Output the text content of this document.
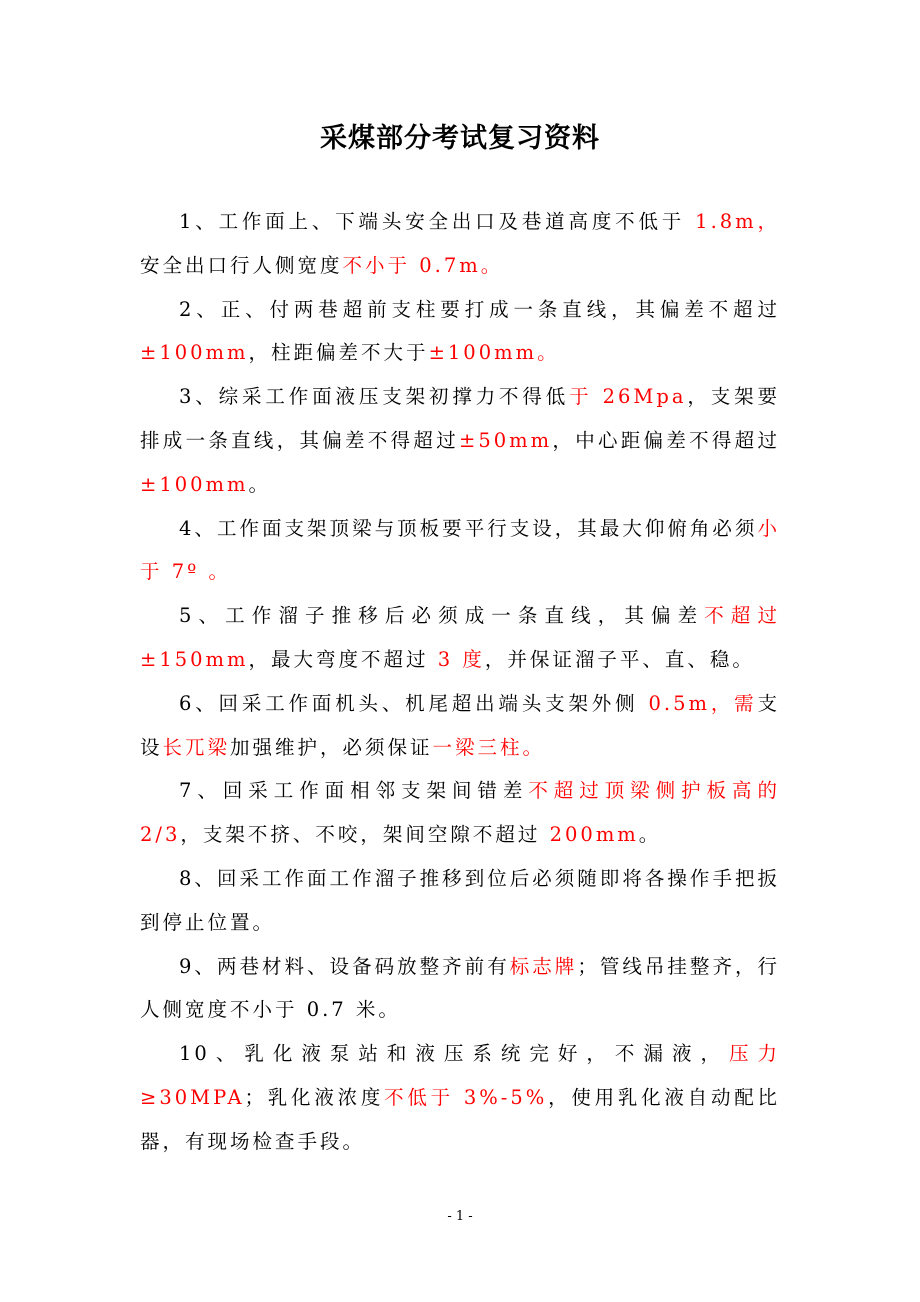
采煤部分考试复习资料

1、工作面上、下端头安全出口及巷道高度不低于 1.8m，安全出口行人侧宽度不小于 0.7m。

2、正、付两巷超前支柱要打成一条直线，其偏差不超过±100mm，柱距偏差不大于±100mm。

3、综采工作面液压支架初撑力不得低于 26Mpa，支架要排成一条直线，其偏差不得超过±50mm，中心距偏差不得超过±100mm。

4、工作面支架顶梁与顶板要平行支设，其最大仰俯角必须小于 7º 。

5、工作溜子推移后必须成一条直线，其偏差不超过±150mm，最大弯度不超过 3 度，并保证溜子平、直、稳。

6、回采工作面机头、机尾超出端头支架外侧 0.5m，需支设长兀梁加强维护，必须保证一梁三柱。

7、回采工作面相邻支架间错差不超过顶梁侧护板高的 2/3，支架不挤、不咬，架间空隙不超过 200mm。

8、回采工作面工作溜子推移到位后必须随即将各操作手把扳到停止位置。

9、两巷材料、设备码放整齐前有标志牌；管线吊挂整齐，行人侧宽度不小于 0.7 米。

10、乳化液泵站和液压系统完好，不漏液，压力≥30MPA；乳化液浓度不低于 3%-5%，使用乳化液自动配比器，有现场检查手段。

- 1 -
